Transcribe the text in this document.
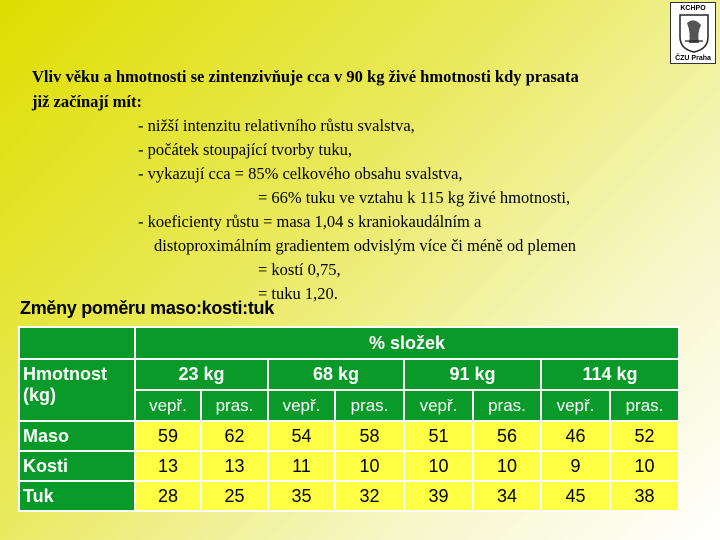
KCHPO
ČZU Praha
Vliv věku a hmotnosti se zintenzivňuje cca v 90 kg živé hmotnosti kdy prasata
již začínají mít:
- nižší intenzitu relativního růstu svalstva,
- počátek stoupající tvorby tuku,
- vykazují cca = 85% celkového obsahu svalstva,
= 66% tuku ve vztahu k 115 kg živé hmotnosti,
- koeficienty růstu = masa 1,04 s kraniokaudálním a
distoproximálním gradientem odvislým více či méně od plemen
= kostí 0,75,
= tuku 1,20.
Změny poměru maso:kosti:tuk
	% složek							
Hmotnost (kg)	23 kg		68 kg		91 kg		114 kg	
	vepř.	pras.	vepř.	pras.	vepř.	pras.	vepř.	pras.
Maso	59	62	54	58	51	56	46	52
Kosti	13	13	11	10	10	10	9	10
Tuk	28	25	35	32	39	34	45	38
